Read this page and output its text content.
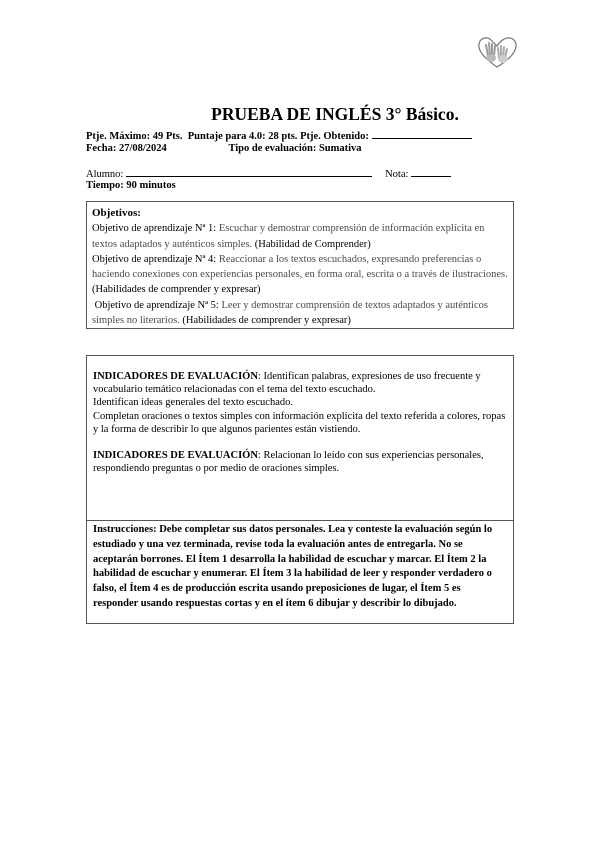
PRUEBA DE INGLÉS 3° Básico.
Ptje. Máximo: 49 Pts. Puntaje para 4.0: 28 pts. Ptje. Obtenido:
Fecha: 27/08/2024	Tipo de evaluación: Sumativa
Alumno:	Nota:
Tiempo: 90 minutos
Objetivos:
Objetivo de aprendizaje Nª 1: Escuchar y demostrar comprensión de información explícita en textos adaptados y auténticos simples. (Habilidad de Comprender)
Objetivo de aprendizaje Nª 4: Reaccionar a los textos escuchados, expresando preferencias o haciendo conexiones con experiencias personales, en forma oral, escrita o a través de ilustraciones. (Habilidades de comprender y expresar)
Objetivo de aprendizaje Nª 5: Leer y demostrar comprensión de textos adaptados y auténticos simples no literarios. (Habilidades de comprender y expresar)
INDICADORES DE EVALUACIÓN: Identifican palabras, expresiones de uso frecuente y vocabulario temático relacionadas con el tema del texto escuchado.
Identifican ideas generales del texto escuchado.
Completan oraciones o textos simples con información explícita del texto referida a colores, ropas y la forma de describir lo que algunos parientes están vistiendo.
INDICADORES DE EVALUACIÓN: Relacionan lo leído con sus experiencias personales, respondiendo preguntas o por medio de oraciones simples.
Instrucciones: Debe completar sus datos personales. Lea y conteste la evaluación según lo estudiado y una vez terminada, revise toda la evaluación antes de entregarla. No se aceptarán borrones. El Ítem 1 desarrolla la habilidad de escuchar y marcar. El Ítem 2 la habilidad de escuchar y enumerar. El Ítem 3 la habilidad de leer y responder verdadero o falso, el Ítem 4 es de producción escrita usando preposiciones de lugar, el Ítem 5 es responder usando respuestas cortas y en el ítem 6 dibujar y describir lo dibujado.
